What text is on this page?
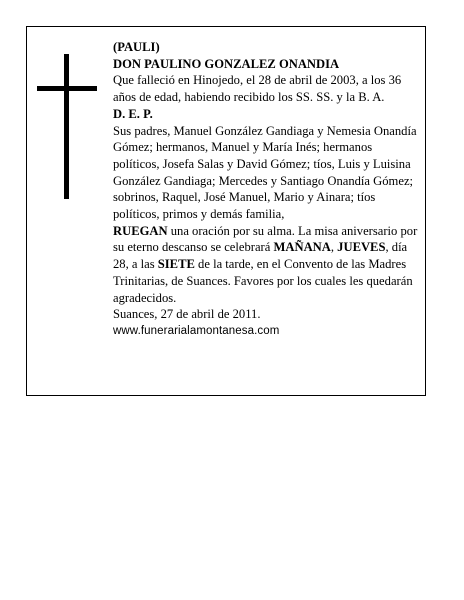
(PAULI)

DON PAULINO GONZALEZ ONANDIA

Que falleció en Hinojedo, el 28 de abril de 2003, a los 36 años de edad, habiendo recibido los SS. SS. y la B. A.

D. E. P.

Sus padres, Manuel González Gandiaga y Nemesia Onandía Gómez; hermanos, Manuel y María Inés; hermanos políticos, Josefa Salas y David Gómez; tíos, Luis y Luisina González Gandiaga; Mercedes y Santiago Onandía Gómez; sobrinos, Raquel, José Manuel, Mario y Ainara; tíos políticos, primos y demás familia,

RUEGAN una oración por su alma. La misa aniversario por su eterno descanso se celebrará MAÑANA, JUEVES, día 28, a las SIETE de la tarde, en el Convento de las Madres Trinitarias, de Suances. Favores por los cuales les quedarán agradecidos.

Suances, 27 de abril de 2011.

www.funerarialamontanesa.com
